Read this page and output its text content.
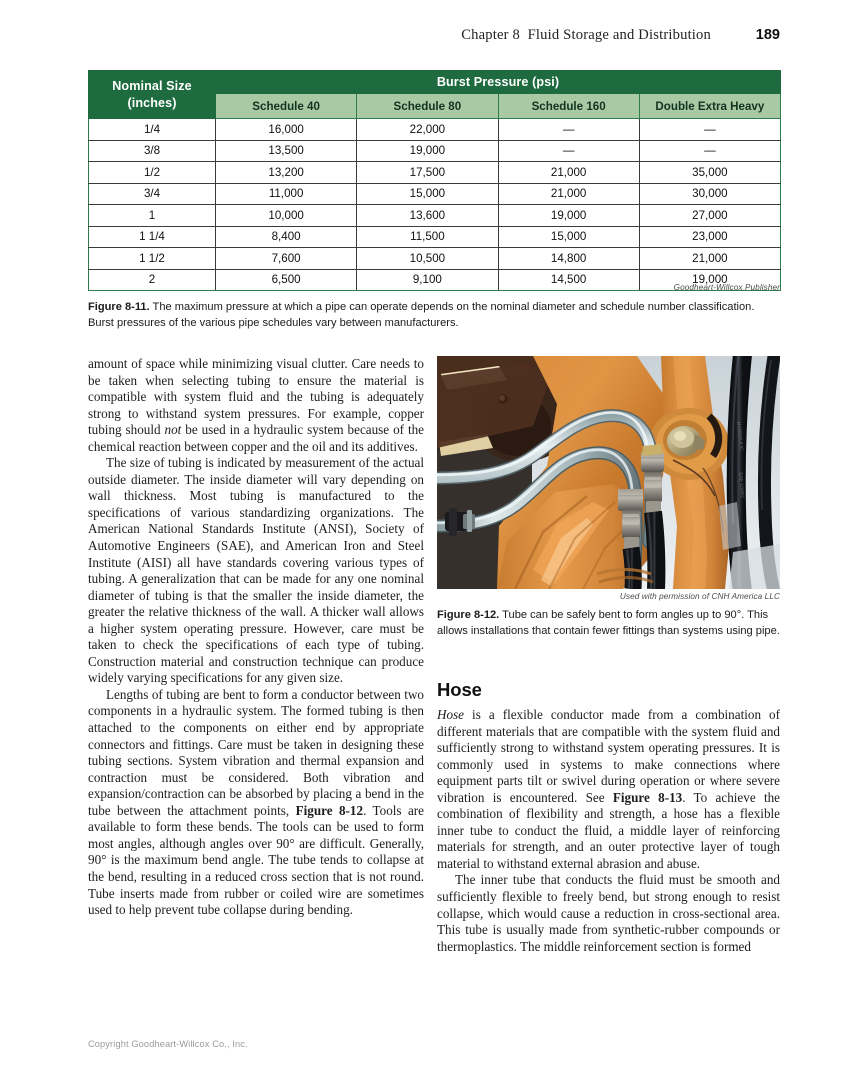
Chapter 8  Fluid Storage and Distribution	189
Nominal Size
(inches)	Burst Pressure (psi)			
	Schedule 40	Schedule 80	Schedule 160	Double Extra Heavy
1/4	16,000	22,000	—	—
3/8	13,500	19,000	—	—
1/2	13,200	17,500	21,000	35,000
3/4	11,000	15,000	21,000	30,000
1	10,000	13,600	19,000	27,000
1 1/4	8,400	11,500	15,000	23,000
1 1/2	7,600	10,500	14,800	21,000
2	6,500	9,100	14,500	19,000
Goodheart-Willcox Publisher
Figure 8-11. The maximum pressure at which a pipe can operate depends on the nominal diameter and schedule number classification. Burst pressures of the various pipe schedules vary between manufacturers.

amount of space while minimizing visual clutter. Care needs to be taken when selecting tubing to ensure the material is compatible with system fluid and the tubing is adequately strong to withstand system pressures. For example, copper tubing should not be used in a hydraulic system because of the chemical reaction between copper and the oil and its additives.

The size of tubing is indicated by measurement of the actual outside diameter. The inside diameter will vary depending on wall thickness. Most tubing is manufactured to the specifications of various standardizing organizations. The American National Standards Institute (ANSI), Society of Automotive Engineers (SAE), and American Iron and Steel Institute (AISI) all have standards covering various types of tubing. A generalization that can be made for any one nominal diameter of tubing is that the smaller the inside diameter, the greater the relative thickness of the wall. A thicker wall allows a higher system operating pressure. However, care must be taken to check the specifications of each type of tubing. Construction material and construction technique can produce widely varying specifications for any given size.

Lengths of tubing are bent to form a conductor between two components in a hydraulic system. The formed tubing is then attached to the components on either end by appropriate connectors and fittings. Care must be taken in designing these tubing sections. System vibration and thermal expansion and contraction must be considered. Both vibration and expansion/contraction can be absorbed by placing a bend in the tube between the attachment points, Figure 8-12. Tools are available to form these bends. The tools can be used to form most angles, although angles over 90° are difficult. Generally, 90° is the maximum bend angle. The tube tends to collapse at the bend, resulting in a reduced cross section that is not round. Tube inserts made from rubber or coiled wire are sometimes used to help prevent tube collapse during bending.

HYDRAULIC
SAE 100R2
Used with permission of CNH America LLC
Figure 8-12. Tube can be safely bent to form angles up to 90°. This allows installations that contain fewer fittings than systems using pipe.
Hose

Hose is a flexible conductor made from a combination of different materials that are compatible with the system fluid and sufficiently strong to withstand system operating pressures. It is commonly used in systems to make connections where equipment parts tilt or swivel during operation or where severe vibration is encountered. See Figure 8-13. To achieve the combination of flexibility and strength, a hose has a flexible inner tube to conduct the fluid, a middle layer of reinforcing materials for strength, and an outer protective layer of tough material to withstand external abrasion and abuse.

The inner tube that conducts the fluid must be smooth and sufficiently flexible to freely bend, but strong enough to resist collapse, which would cause a reduction in cross-sectional area. This tube is usually made from synthetic-rubber compounds or thermoplastics. The middle reinforcement section is formed

Copyright Goodheart-Willcox Co., Inc.
